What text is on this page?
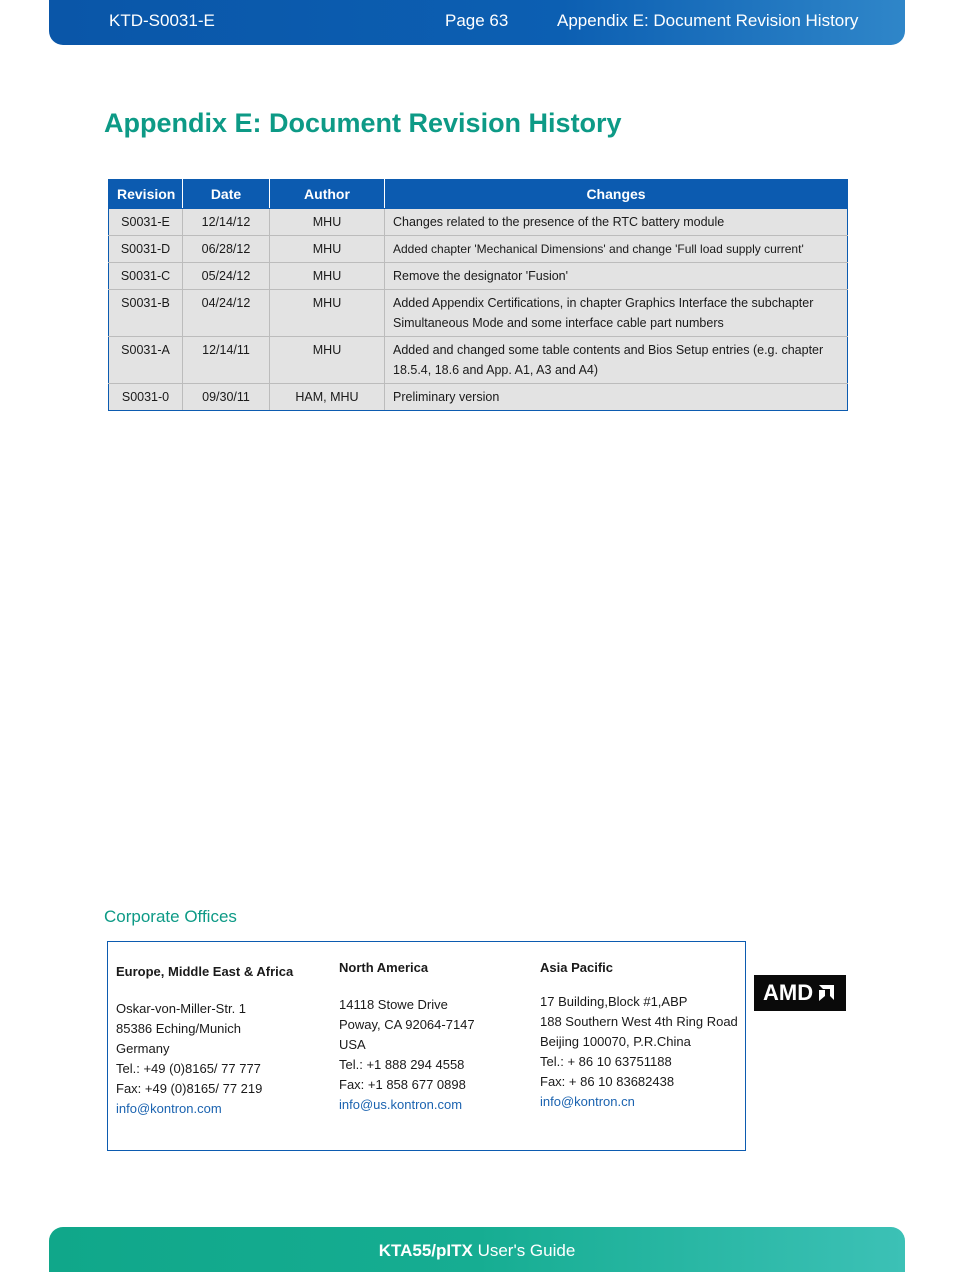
KTD-S0031-E	Page 63	Appendix E: Document Revision History
Appendix E: Document Revision History
Revision	Date	Author	Changes
S0031-E	12/14/12	MHU	Changes related to the presence of the RTC battery module
S0031-D	06/28/12	MHU	Added chapter 'Mechanical Dimensions' and change 'Full load supply current'
S0031-C	05/24/12	MHU	Remove the designator 'Fusion'
S0031-B	04/24/12	MHU	Added Appendix Certifications, in chapter Graphics Interface the subchapter Simultaneous Mode and some interface cable part numbers
S0031-A	12/14/11	MHU	Added and changed some table contents and Bios Setup entries (e.g. chapter 18.5.4, 18.6 and App. A1, A3 and A4)
S0031-0	09/30/11	HAM, MHU	Preliminary version
Corporate Offices
Europe, Middle East & Africa
Oskar-von-Miller-Str. 1
85386 Eching/Munich
Germany
Tel.: +49 (0)8165/ 77 777
Fax: +49 (0)8165/ 77 219
info@kontron.com
North America
14118 Stowe Drive
Poway, CA 92064-7147
USA
Tel.: +1 888 294 4558
Fax: +1 858 677 0898
info@us.kontron.com
Asia Pacific
17 Building,Block #1,ABP
188 Southern West 4th Ring Road
Beijing 100070, P.R.China
Tel.: + 86 10 63751188
Fax: + 86 10 83682438
info@kontron.cn
AMD
KTA55/pITX User's Guide
